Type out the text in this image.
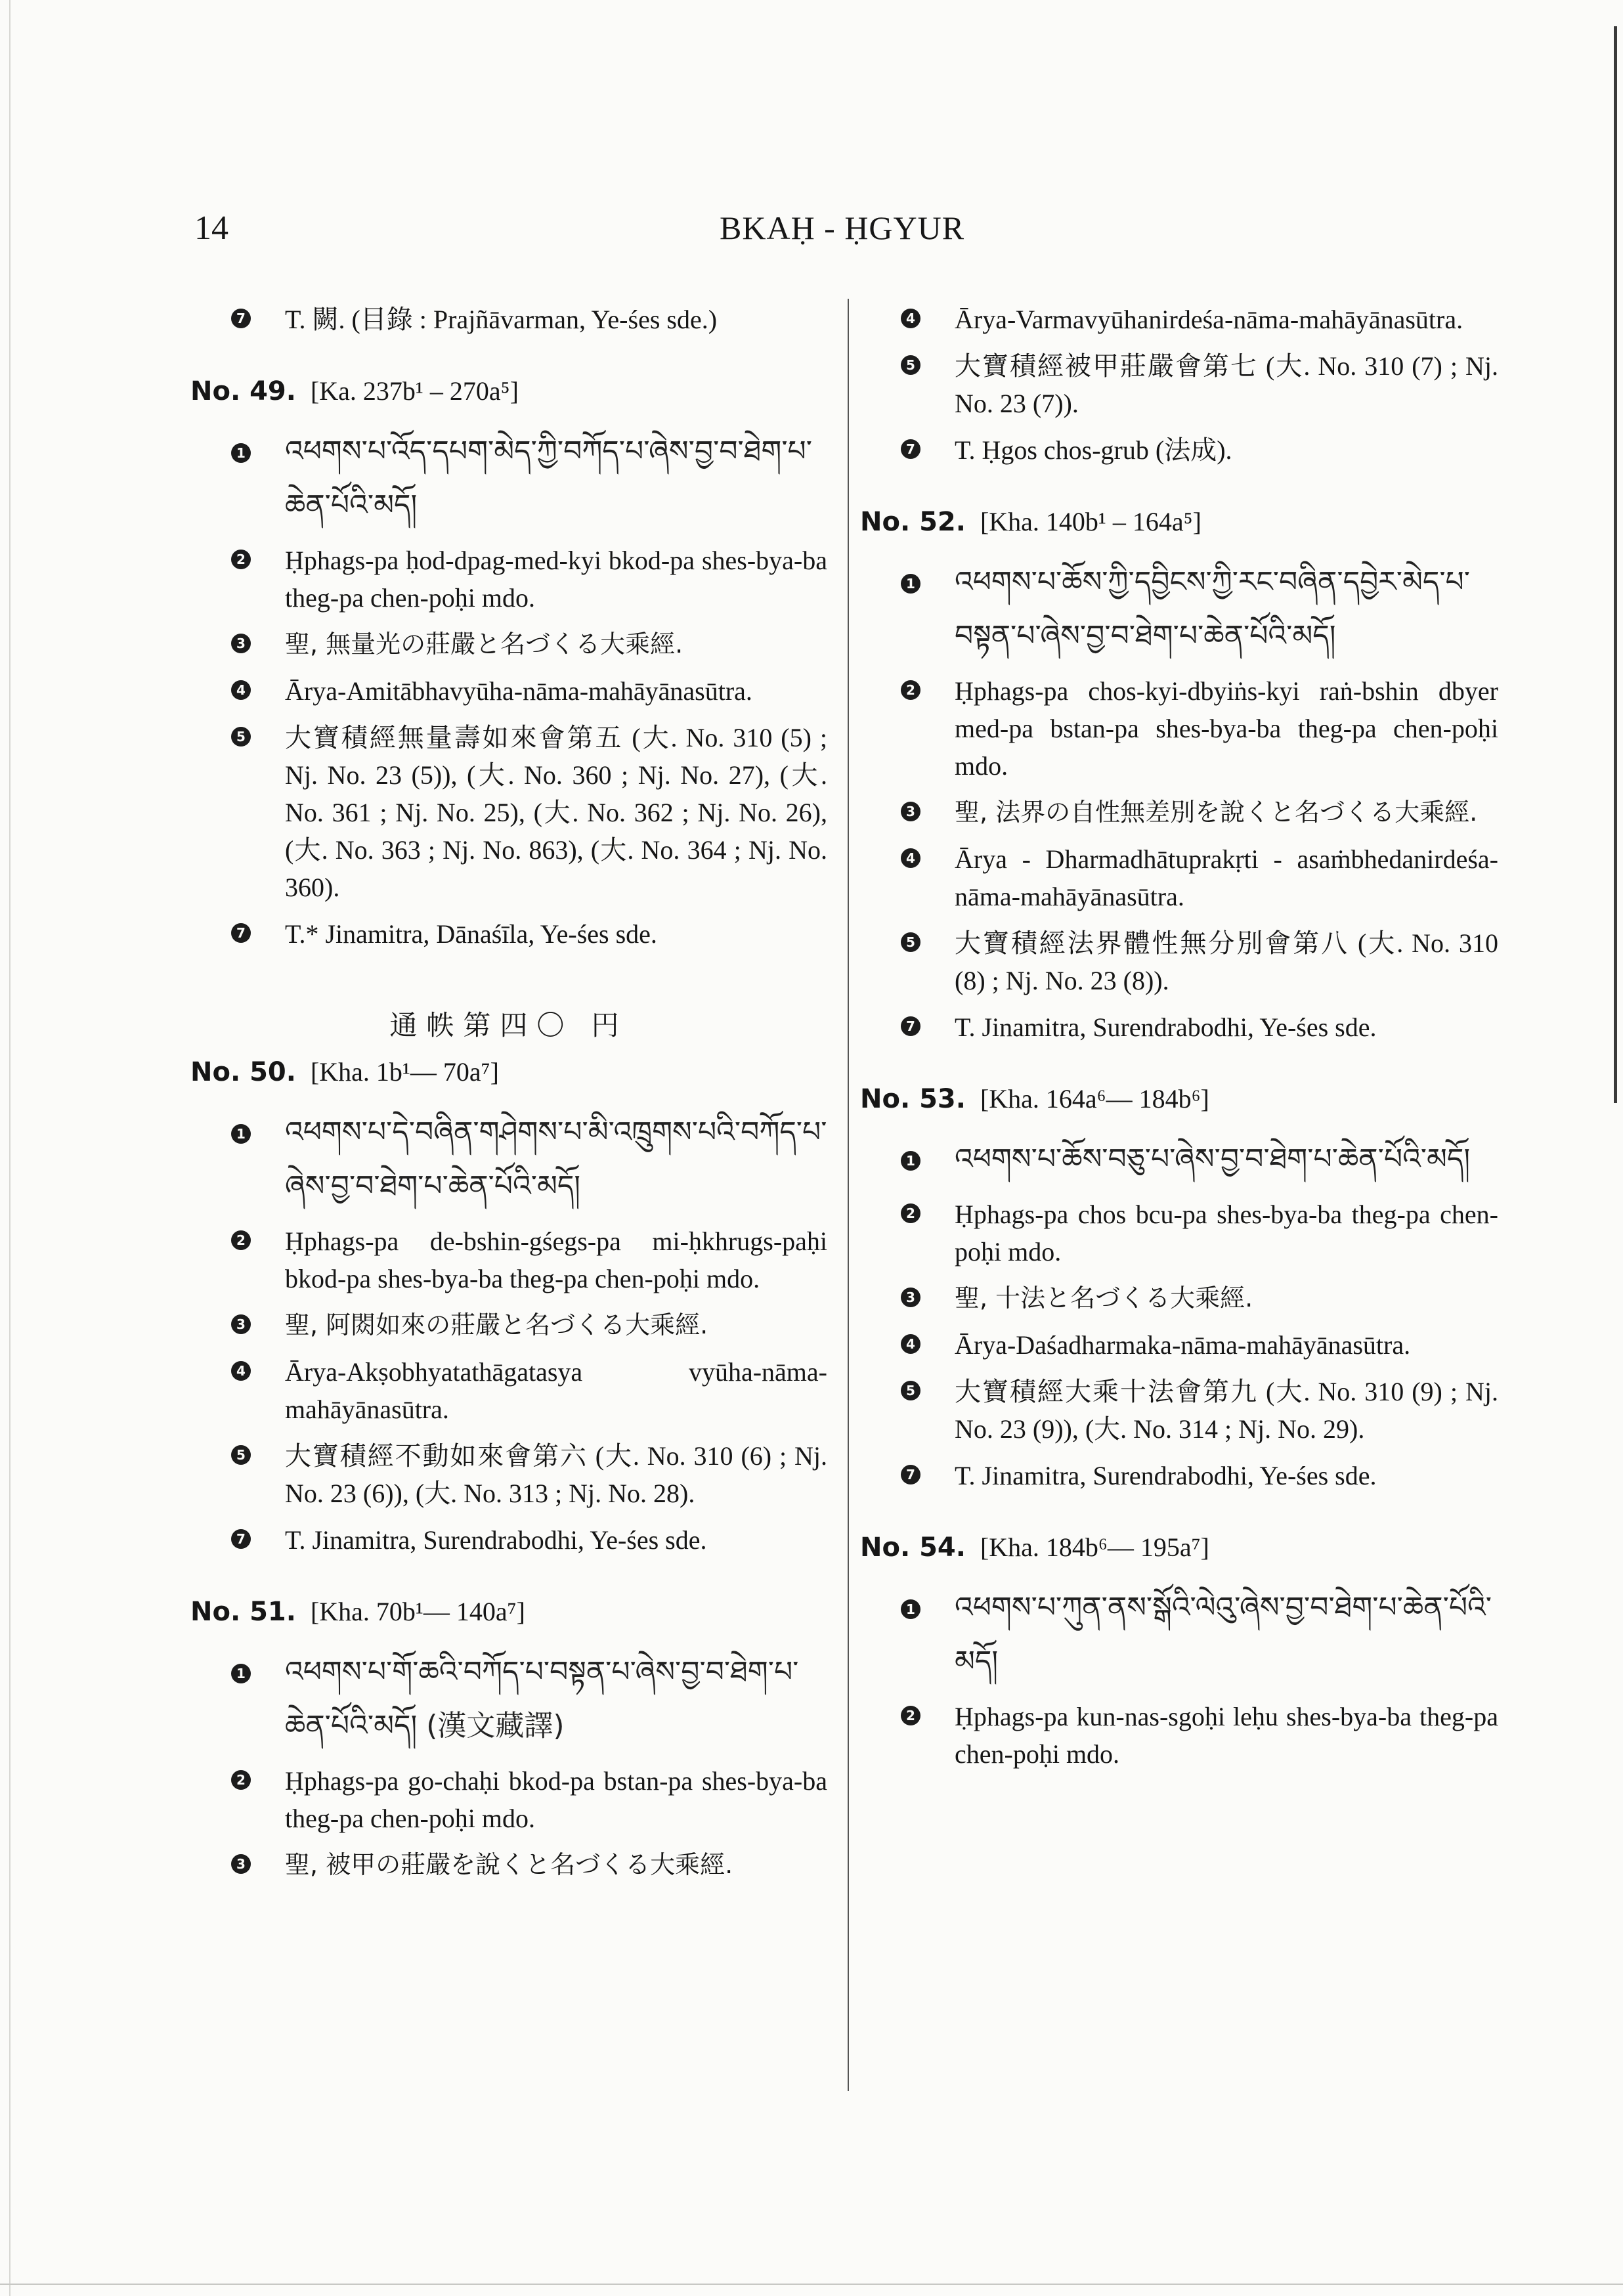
14	BKAḤ - ḤGYUR
7 T. 闕. (目錄 : Prajñāvarman, Ye-śes sde.)
No. 49. [Ka. 237b¹ – 270a⁵]
1 འཕགས་པ་འོད་དཔག་མེད་ཀྱི་བཀོད་པ་ཞེས་བྱ་བ་ཐེག་པ་ཆེན་པོའི་མདོ།
2 Ḥphags-pa ḥod-dpag-med-kyi bkod-pa shes-bya-ba theg-pa chen-poḥi mdo.
3 聖, 無量光の莊嚴と名づくる大乘經.
4 Ārya-Amitābhavyūha-nāma-mahāyānasūtra.
5 大寶積經無量壽如來會第五 (大. No. 310 (5) ; Nj. No. 23 (5)), (大. No. 360 ; Nj. No. 27), (大. No. 361 ; Nj. No. 25), (大. No. 362 ; Nj. No. 26), (大. No. 363 ; Nj. No. 863), (大. No. 364 ; Nj. No. 360).
7 T.* Jinamitra, Dānaśīla, Ye-śes sde.
通帙第四〇 円
No. 50. [Kha. 1b¹— 70a⁷]
1 འཕགས་པ་དེ་བཞིན་གཤེགས་པ་མི་འཁྲུགས་པའི་བཀོད་པ་ཞེས་བྱ་བ་ཐེག་པ་ཆེན་པོའི་མདོ།
2 Ḥphags-pa de-bshin-gśegs-pa mi-ḥkhrugs-paḥi bkod-pa shes-bya-ba theg-pa chen-poḥi mdo.
3 聖, 阿閦如來の莊嚴と名づくる大乘經.
4 Ārya-Akṣobhyatathāgatasya vyūha-nāma-mahāyānasūtra.
5 大寶積經不動如來會第六 (大. No. 310 (6) ; Nj. No. 23 (6)), (大. No. 313 ; Nj. No. 28).
7 T. Jinamitra, Surendrabodhi, Ye-śes sde.
No. 51. [Kha. 70b¹— 140a⁷]
1 འཕགས་པ་གོ་ཆའི་བཀོད་པ་བསྟན་པ་ཞེས་བྱ་བ་ཐེག་པ་ཆེན་པོའི་མདོ། (漢文藏譯)
2 Ḥphags-pa go-chaḥi bkod-pa bstan-pa shes-bya-ba theg-pa chen-poḥi mdo.
3 聖, 被甲の莊嚴を說くと名づくる大乘經.
4 Ārya-Varmavyūhanirdeśa-nāma-mahāyānasūtra.
5 大寶積經被甲莊嚴會第七 (大. No. 310 (7) ; Nj. No. 23 (7)).
7 T. Ḥgos chos-grub (法成).
No. 52. [Kha. 140b¹ – 164a⁵]
1 འཕགས་པ་ཆོས་ཀྱི་དབྱིངས་ཀྱི་རང་བཞིན་དབྱེར་མེད་པ་བསྟན་པ་ཞེས་བྱ་བ་ཐེག་པ་ཆེན་པོའི་མདོ།
2 Ḥphags-pa chos-kyi-dbyiṅs-kyi raṅ-bshin dbyer med-pa bstan-pa shes-bya-ba theg-pa chen-poḥi mdo.
3 聖, 法界の自性無差別を說くと名づくる大乘經.
4 Ārya - Dharmadhātuprakṛti - asaṁbhedanirdeśa-nāma-mahāyānasūtra.
5 大寶積經法界體性無分別會第八 (大. No. 310 (8) ; Nj. No. 23 (8)).
7 T. Jinamitra, Surendrabodhi, Ye-śes sde.
No. 53. [Kha. 164a⁶— 184b⁶]
1 འཕགས་པ་ཆོས་བཅུ་པ་ཞེས་བྱ་བ་ཐེག་པ་ཆེན་པོའི་མདོ།
2 Ḥphags-pa chos bcu-pa shes-bya-ba theg-pa chen-poḥi mdo.
3 聖, 十法と名づくる大乘經.
4 Ārya-Daśadharmaka-nāma-mahāyānasūtra.
5 大寶積經大乘十法會第九 (大. No. 310 (9) ; Nj. No. 23 (9)), (大. No. 314 ; Nj. No. 29).
7 T. Jinamitra, Surendrabodhi, Ye-śes sde.
No. 54. [Kha. 184b⁶— 195a⁷]
1 འཕགས་པ་ཀུན་ནས་སྒོའི་ལེའུ་ཞེས་བྱ་བ་ཐེག་པ་ཆེན་པོའི་མདོ།
2 Ḥphags-pa kun-nas-sgoḥi leḥu shes-bya-ba theg-pa chen-poḥi mdo.
